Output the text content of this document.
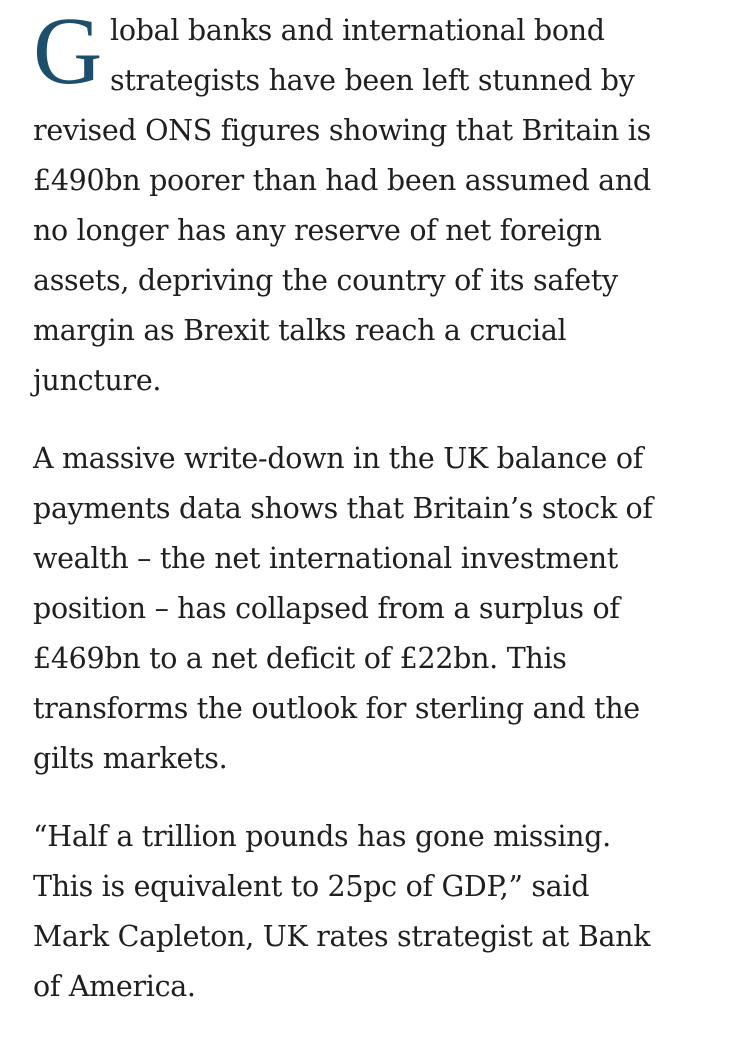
G lobal banks and international bond
strategists have been left stunned by
revised ONS figures showing that Britain is
£490bn poorer than had been assumed and
no longer has any reserve of net foreign
assets, depriving the country of its safety
margin as Brexit talks reach a crucial
juncture.
A massive write-down in the UK balance of
payments data shows that Britain’s stock of
wealth – the net international investment
position – has collapsed from a surplus of
£469bn to a net deficit of £22bn. This
transforms the outlook for sterling and the
gilts markets.
“Half a trillion pounds has gone missing.
This is equivalent to 25pc of GDP,” said
Mark Capleton, UK rates strategist at Bank
of America.
